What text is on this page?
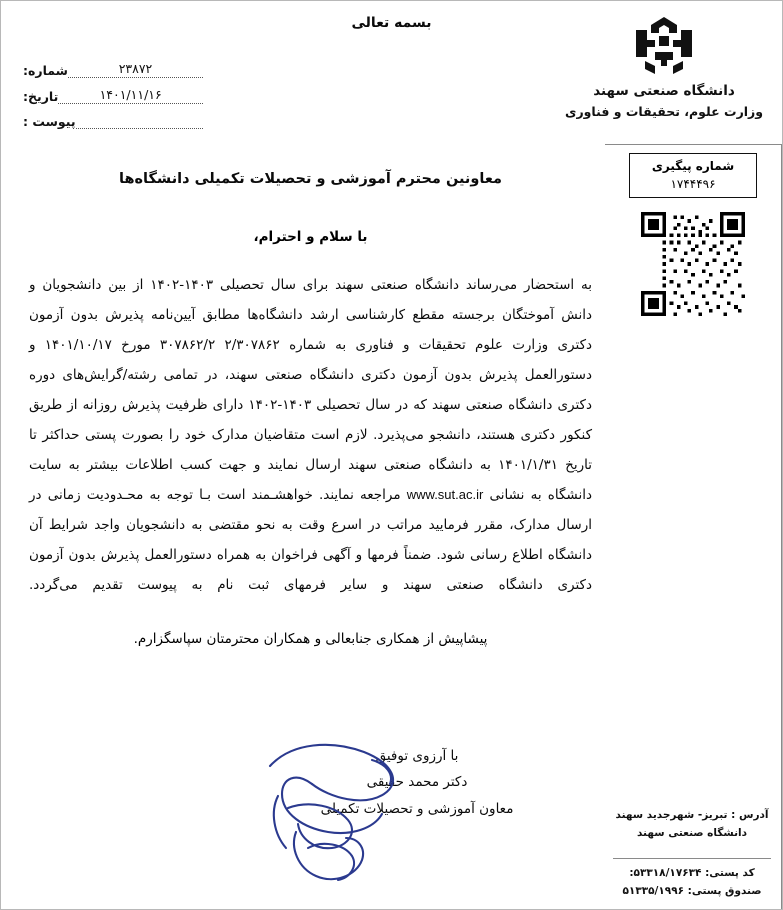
بسمه تعالی
دانشگاه صنعتی سهند
وزارت علوم، تحقیقات و فناوری
شماره:	۲۳۸۷۲
تاریخ:	۱۴۰۱/۱۱/۱۶
پیوست :
شماره پیگیری
۱۷۴۴۴۹۶
آدرس : تبریز- شهرجدید سهند
دانشگاه صنعتی سهند
کد پستی: ۵۳۳۱۸/۱۷۶۳۴:
صندوق پستی: ۵۱۳۳۵/۱۹۹۶
معاونین محترم آموزشی و تحصیلات تکمیلی دانشگاه‌ها
با سلام و احترام،
به استحضار می‌رساند دانشگاه صنعتی سهند برای سال تحصیلی ۱۴۰۳-۱۴۰۲ از بین دانشجویان و دانش آموختگان برجسته مقطع کارشناسی ارشد دانشگاه‌ها مطابق آیین‌نامه پذیرش بدون آزمون دکتری وزارت علوم تحقیقات و فناوری به شماره ۲/۳۰۷۸۶۲ ۳۰۷۸۶۲/۲ مورخ ۱۴۰۱/۱۰/۱۷ و دستورالعمل پذیرش بدون آزمون دکتری دانشگاه صنعتی سهند، در تمامی رشته/گرایش‌های دوره دکتری دانشگاه صنعتی سهند که در سال تحصیلی ۱۴۰۳-۱۴۰۲ دارای ظرفیت پذیرش روزانه از طریق کنکور دکتری هستند، دانشجو می‌پذیرد. لازم است متقاضیان مدارک خود را بصورت پستی حداکثر تا تاریخ ۱۴۰۱/۱/۳۱ به دانشگاه صنعتی سهند ارسال نمایند و جهت کسب اطلاعات بیشتر به سایت دانشگاه به نشانی www.sut.ac.ir مراجعه نمایند. خواهشـمند است بـا توجه به محـدودیت زمانی در ارسال مدارک، مقرر فرمایید مراتب در اسرع وقت به نحو مقتضی به دانشجویان واجد شرایط آن دانشگاه اطلاع رسانی شود. ضمناً فرمها و آگهی فراخوان به همراه دستورالعمل پذیرش بدون آزمون دکتری دانشگاه صنعتی سهند و سایر فرمهای ثبت نام به پیوست تقدیم می‌گردد.
پیشاپیش از همکاری جنابعالی و همکاران محترمتان سپاسگزارم.
با آرزوی توفیق
دکتر محمد حقیقی
معاون آموزشی و تحصیلات تکمیلی
